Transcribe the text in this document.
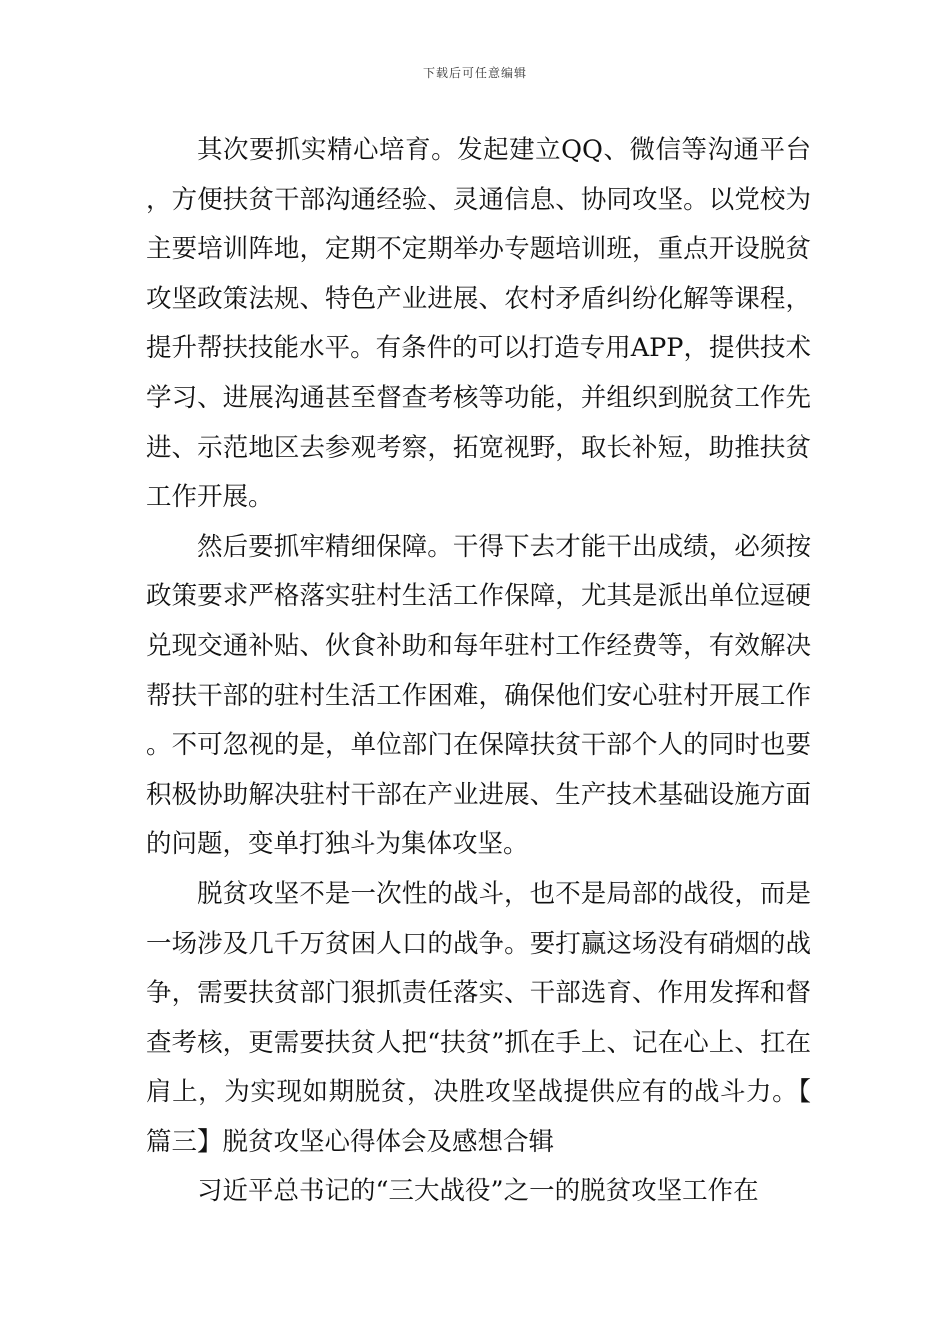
下载后可任意编辑

其次要抓实精心培育。发起建立QQ、微信等沟通平台，方便扶贫干部沟通经验、灵通信息、协同攻坚。以党校为主要培训阵地，定期不定期举办专题培训班，重点开设脱贫攻坚政策法规、特色产业进展、农村矛盾纠纷化解等课程，提升帮扶技能水平。有条件的可以打造专用APP，提供技术学习、进展沟通甚至督查考核等功能，并组织到脱贫工作先进、示范地区去参观考察，拓宽视野，取长补短，助推扶贫工作开展。

然后要抓牢精细保障。干得下去才能干出成绩，必须按政策要求严格落实驻村生活工作保障，尤其是派出单位逗硬兑现交通补贴、伙食补助和每年驻村工作经费等，有效解决帮扶干部的驻村生活工作困难，确保他们安心驻村开展工作。不可忽视的是，单位部门在保障扶贫干部个人的同时也要积极协助解决驻村干部在产业进展、生产技术基础设施方面的问题，变单打独斗为集体攻坚。

脱贫攻坚不是一次性的战斗，也不是局部的战役，而是一场涉及几千万贫困人口的战争。要打赢这场没有硝烟的战争，需要扶贫部门狠抓责任落实、干部选育、作用发挥和督查考核，更需要扶贫人把“扶贫”抓在手上、记在心上、扛在肩上，为实现如期脱贫，决胜攻坚战提供应有的战斗力。【篇三】脱贫攻坚心得体会及感想合辑

习近平总书记的“三大战役”之一的脱贫攻坚工作在
